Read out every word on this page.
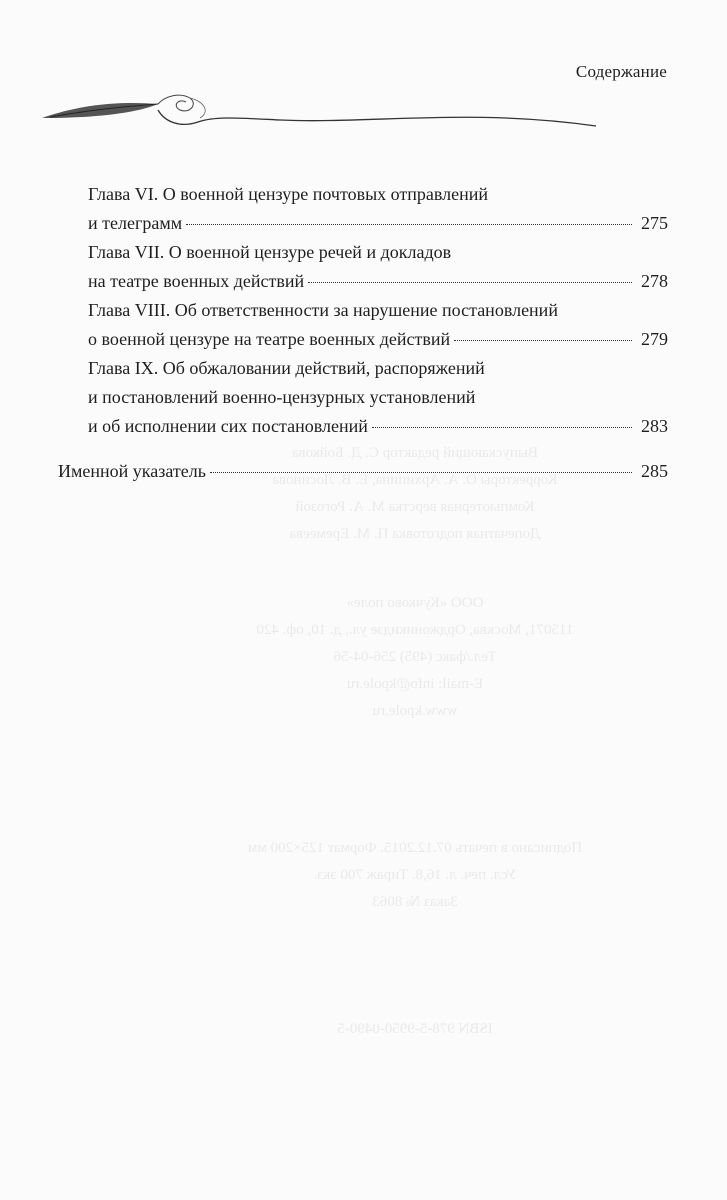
Содержание
Глава VI. О военной цензуре почтовых отправлений
и телеграмм	275
Глава VII. О военной цензуре речей и докладов
на театре военных действий	278
Глава VIII. Об ответственности за нарушение постановлений
о военной цензуре на театре военных действий	279
Глава IX. Об обжаловании действий, распоряжений
и постановлений военно-цензурных установлений
и об исполнении сих постановлений	283
Именной указатель	285
Выпускающий редактор С. Д. Бойкова
Корректоры О. А. Архипина, Е. В. Лосинова
Компьютерная верстка М. А. Рогозой
Допечатная подготовка П. М. Еремеева
ООО «Кучково поле»
115071, Москва, Орджоникидзе ул., д. 10, оф. 420
Тел./факс (495) 256-04-56
E-mail: info@kpole.ru
www.kpole.ru
Подписано в печать 07.12.2015. Формат 125×200 мм
Усл. печ. л. 16,8. Тираж 700 экз.
Заказ № 8063
ISBN 978-5-9950-0490-5
